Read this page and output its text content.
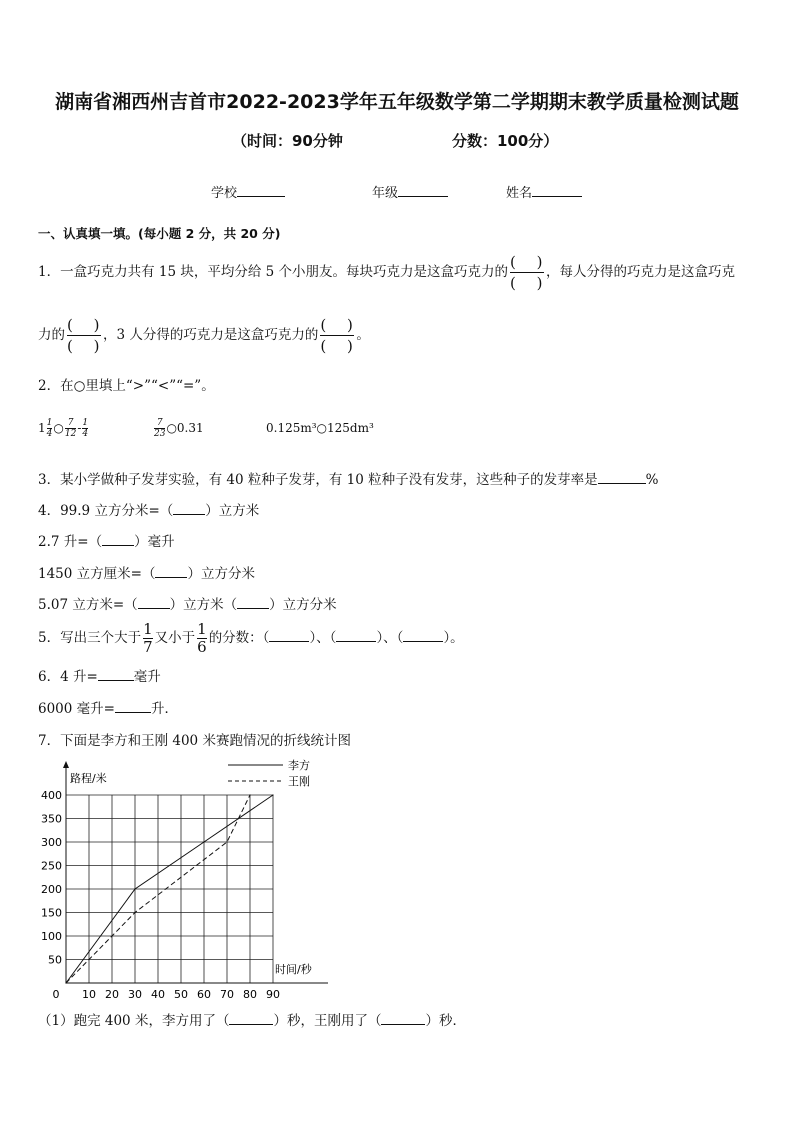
湖南省湘西州吉首市2022-2023学年五年级数学第二学期期末教学质量检测试题
（时间：90分钟	分数：100分）
学校	年级	姓名
一、认真填一填。(每小题 2 分，共 20 分)
1．一盒巧克力共有 15 块，平均分给 5 个小朋友。每块巧克力是这盒巧克力的 $\frac{( )}{( )}$ ，每人分得的巧克力是这盒巧克
力的 $\frac{( )}{( )}$ ，3 人分得的巧克力是这盒巧克力的 $\frac{( )}{( )}$ 。
2．在○里填上“>”“<”“=”。
$1 \frac{1}{4}$ ○ $\frac{7}{12} - \frac{1}{4}$	$\frac{7}{23}$ ○0.31	0.125m³○125dm³
3．某小学做种子发芽实验，有 40 粒种子发芽，有 10 粒种子没有发芽，这些种子的发芽率是	%
4．99.9 立方分米=（ ）立方米
2.7 升=（ ）毫升
1450 立方厘米=（ ）立方分米
5.07 立方米=（ ）立方米（ ）立方分米
5．写出三个大于 $\frac{1}{7}$ 又小于 $\frac{1}{6}$ 的分数：（	）、（	）、（	）。
6．4 升=	毫升
6000 毫升=	升．
7．下面是李方和王刚 400 米赛跑情况的折线统计图
路程/米
时间/秒
李方
王刚
0 10 20 30 40 50 60 70 80 90
50
100
150
200
250
300
350
400
（1）跑完 400 米，李方用了（	）秒，王刚用了（	）秒．
